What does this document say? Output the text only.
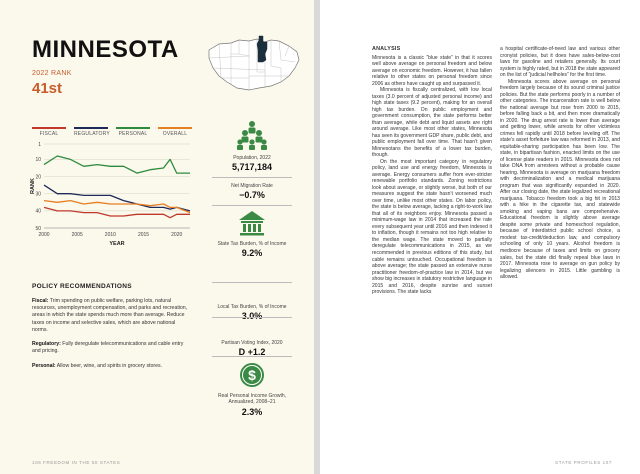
MINNESOTA
2022 RANK
41st
FISCAL	REGULATORY	PERSONAL	OVERALL
1
10
20
30
40
50
2000	2005	2010	2015	2020
YEAR
RANK
POLICY RECOMMENDATIONS
Fiscal: Trim spending on public welfare, parking lots, natural resources, unemployment compensation, and parks and recreation, areas in which the state spends much more than average. Reduce taxes on income and selective sales, which are above national norms.
Regulatory: Fully deregulate telecommunications and cable entry and pricing.
Personal: Allow beer, wine, and spirits in grocery stores.
Population, 2022
5,717,184
Net Migration Rate
−0.7%
State Tax Burden, % of Income
9.2%
Local Tax Burden, % of Income
3.0%
Partisan Voting Index, 2020
D +1.2
$
Real Personal Income Growth, Annualized, 2008–21
2.3%
106 FREEDOM IN THE 50 STATES
ANALYSIS

Minnesota is a classic “blue state” in that it scores well above average on personal freedom and below average on economic freedom. However, it has fallen relative to other states on personal freedom since 2006 as others have caught up and surpassed it.

Minnesota is fiscally centralized, with low local taxes (3.0 percent of adjusted personal income) and high state taxes (9.2 percent), making for an overall high tax burden. On public employment and government consumption, the state performs better than average, while debt and liquid assets are right around average. Like most other states, Minnesota has seen its government GDP share, public debt, and public employment fall over time. That hasn’t given Minnesotans the benefits of a lower tax burden, though.

On the most important category in regulatory policy, land use and energy freedom, Minnesota is average. Energy consumers suffer from ever-stricter renewable portfolio standards. Zoning restrictions look about average, or slightly worse, but both of our measures suggest the state hasn’t worsened much over time, unlike most other states. On labor policy, the state is below average, lacking a right-to-work law that all of its neighbors enjoy. Minnesota passed a minimum-wage law in 2014 that increased the rate every subsequent year until 2016 and then indexed it to inflation, though it remains not too high relative to the median wage. The state moved to partially deregulate telecommunications in 2015, as we recommended in previous editions of this study, but cable remains untouched. Occupational freedom is above average; the state passed an extensive nurse practitioner freedom-of-practice law in 2014, but we show big increases in statutory restrictive language in 2015 and 2016, despite sunrise and sunset provisions. The state lacks

a hospital certificate-of-need law and various other cronyist policies, but it does have sales-below-cost laws for gasoline and retailers generally. Its court system is highly rated, but in 2018 the state appeared on the list of “judicial hellholes” for the first time.

Minnesota scores above average on personal freedom largely because of its sound criminal justice policies. But the state performs poorly in a number of other categories. The incarceration rate is well below the national average but rose from 2000 to 2015, before falling back a bit, and then more dramatically in 2020. The drug arrest rate is lower than average and getting lower, while arrests for other victimless crimes fell rapidly until 2018 before leveling off. The state’s asset forfeiture law was reformed in 2013, and equitable-sharing participation has been low. The state, in bipartisan fashion, enacted limits on the use of license plate readers in 2015. Minnesota does not take DNA from arrestees without a probable cause hearing. Minnesota is average on marijuana freedom with decriminalization and a medical marijuana program that was significantly expanded in 2020. After our closing date, the state legalized recreational marijuana. Tobacco freedom took a big hit in 2013 with a hike in the cigarette tax, and statewide smoking and vaping bans are comprehensive. Educational freedom is slightly above average despite some private and homeschool regulation, because of interdistrict public school choice, a modest tax-credit/deduction law, and compulsory schooling of only 10 years. Alcohol freedom is mediocre because of taxes and limits on grocery sales, but the state did finally repeal blue laws in 2017. Minnesota rose to average on gun policy by legalizing silencers in 2015. Little gambling is allowed.

STATE PROFILES 107
